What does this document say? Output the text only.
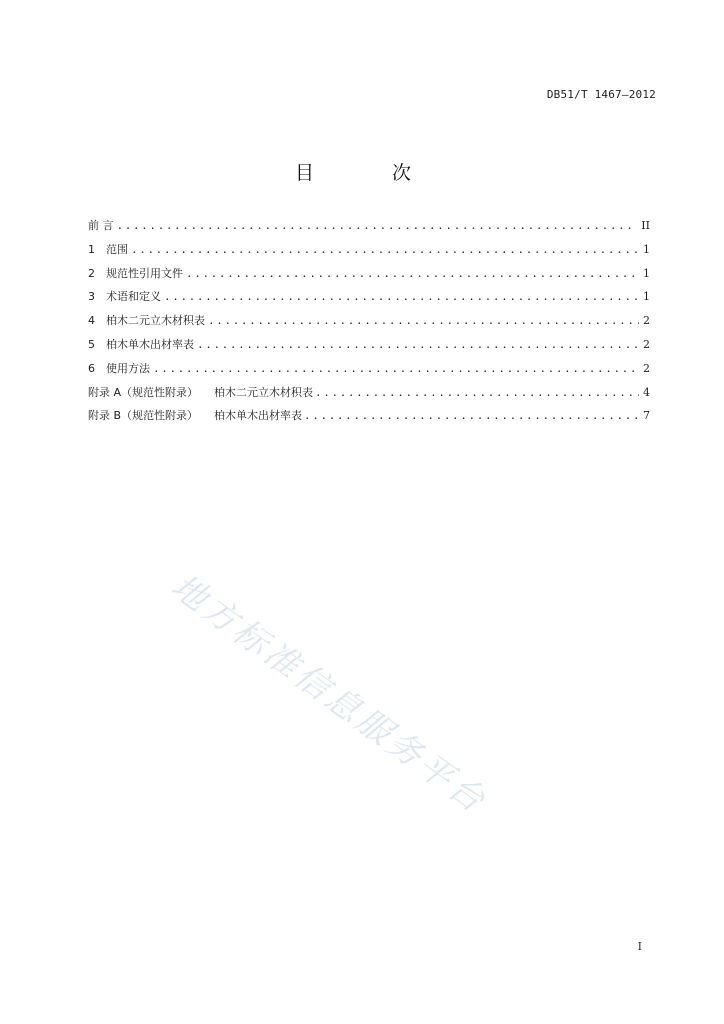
DB51/T 1467—2012
目 次
前 言 .....	II
1	范围 .....	1
2	规范性引用文件 .....	1
3	术语和定义 .....	1
4	柏木二元立木材积表 .....	2
5	柏木单木出材率表 .....	2
6	使用方法 .....	2
附录 A（规范性附录）	柏木二元立木材积表 .....	4
附录 B（规范性附录）	柏木单木出材率表 .....	7
地方标准信息服务平台
I
